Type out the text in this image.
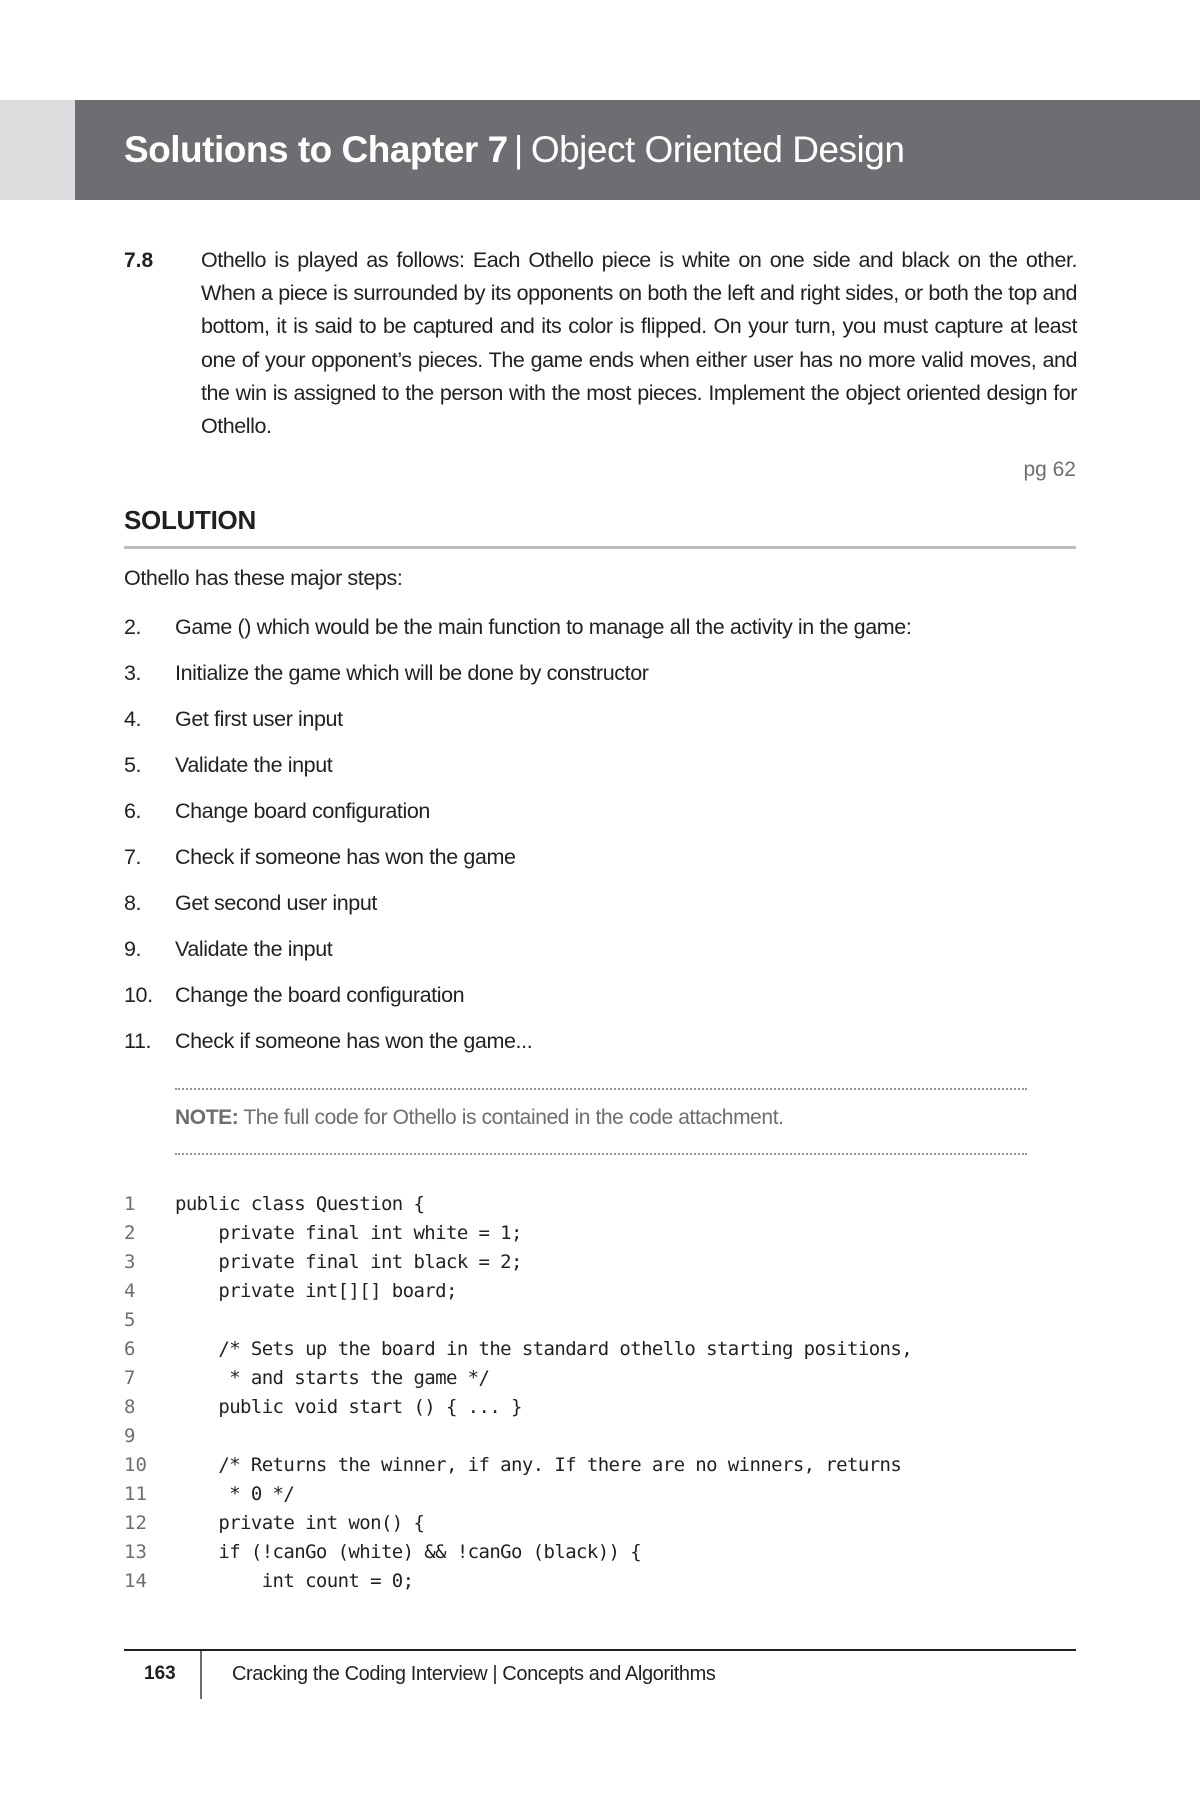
Solutions to Chapter 7 | Object Oriented Design
7.8 Othello is played as follows: Each Othello piece is white on one side and black on the other. When a piece is surrounded by its opponents on both the left and right sides, or both the top and bottom, it is said to be captured and its color is flipped. On your turn, you must capture at least one of your opponent’s pieces. The game ends when either user has no more valid moves, and the win is assigned to the person with the most pieces. Implement the object oriented design for Othello.
pg 62
SOLUTION
Othello has these major steps:
2. Game () which would be the main function to manage all the activity in the game:
3. Initialize the game which will be done by constructor
4. Get first user input
5. Validate the input
6. Change board configuration
7. Check if someone has won the game
8. Get second user input
9. Validate the input
10. Change the board configuration
11. Check if someone has won the game...
NOTE: The full code for Othello is contained in the code attachment.
1 public class Question {
2 private final int white = 1;
3 private final int black = 2;
4 private int[][] board;
5
6 /* Sets up the board in the standard othello starting positions,
7 * and starts the game */
8 public void start () { ... }
9
10 /* Returns the winner, if any. If there are no winners, returns
11 * 0 */
12 private int won() {
13 if (!canGo (white) && !canGo (black)) {
14 int count = 0;
163	Cracking the Coding Interview | Concepts and Algorithms
